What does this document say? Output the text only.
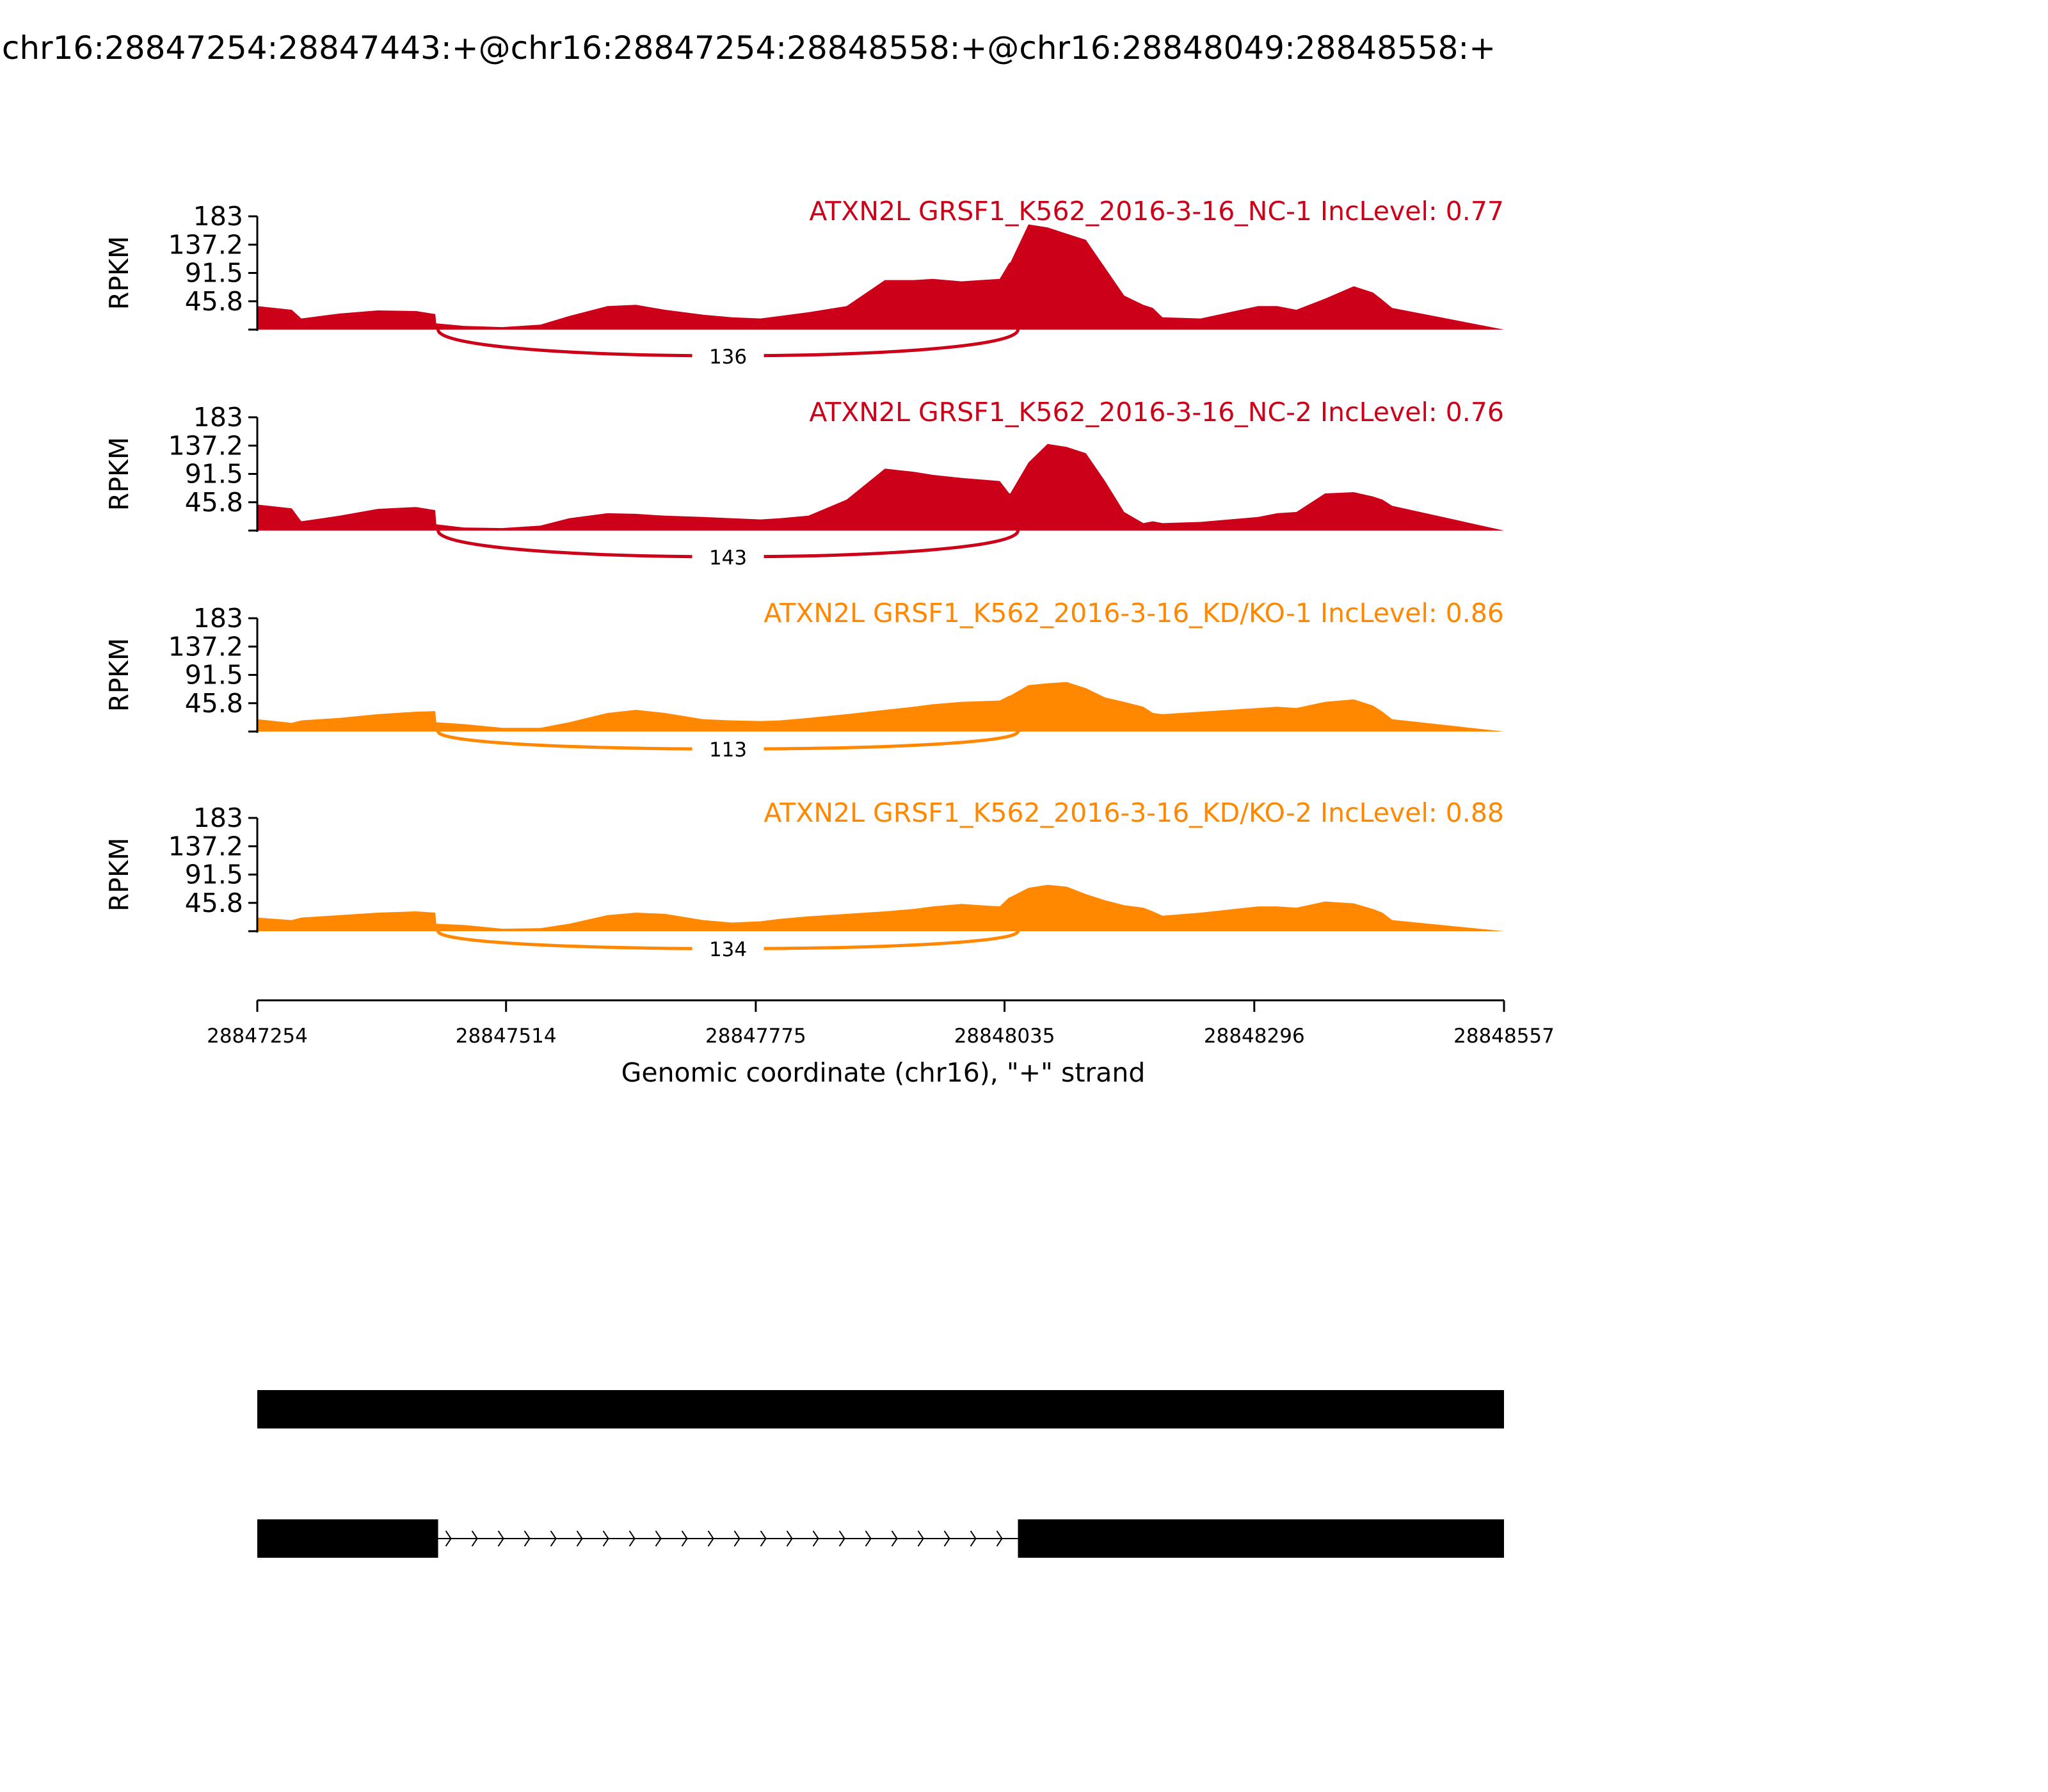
chr16:28847254:28847443:+@chr16:28847254:28848558:+@chr16:28848049:28848558:+
183
137.2
91.5
45.8
RPKM
ATXN2L GRSF1_K562_2016-3-16_NC-1 IncLevel: 0.77
136
183
137.2
91.5
45.8
RPKM
ATXN2L GRSF1_K562_2016-3-16_NC-2 IncLevel: 0.76
143
183
137.2
91.5
45.8
RPKM
ATXN2L GRSF1_K562_2016-3-16_KD/KO-1 IncLevel: 0.86
113
183
137.2
91.5
45.8
RPKM
ATXN2L GRSF1_K562_2016-3-16_KD/KO-2 IncLevel: 0.88
134
28847254	28847514	28847775	28848035	28848296	28848557
Genomic coordinate (chr16), "+" strand
